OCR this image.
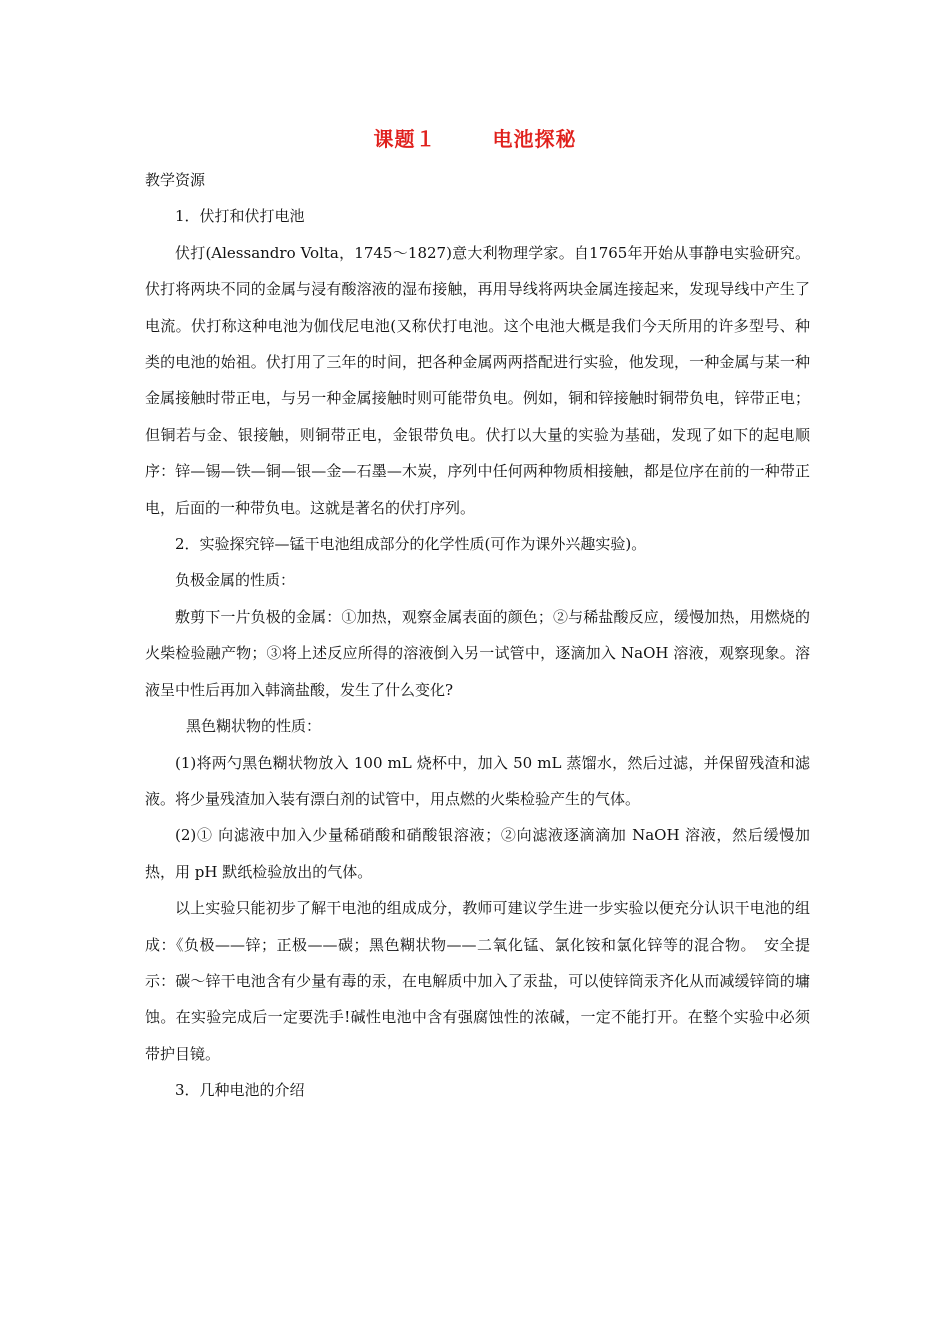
课题１	电池探秘

教学资源

1．伏打和伏打电池

伏打(Alessandro Volta，1745～1827)意大利物理学家。自1765年开始从事静电实验研究。伏打将两块不同的金属与浸有酸溶液的湿布接触，再用导线将两块金属连接起来，发现导线中产生了电流。伏打称这种电池为伽伐尼电池(又称伏打电池。这个电池大概是我们今天所用的许多型号、种类的电池的始祖。伏打用了三年的时间，把各种金属两两搭配进行实验，他发现，一种金属与某一种金属接触时带正电，与另一种金属接触时则可能带负电。例如，铜和锌接触时铜带负电，锌带正电；但铜若与金、银接触，则铜带正电，金银带负电。伏打以大量的实验为基础，发现了如下的起电顺序：锌—锡—铁—铜—银—金—石墨—木炭，序列中任何两种物质相接触，都是位序在前的一种带正电，后面的一种带负电。这就是著名的伏打序列。

2．实验探究锌—锰干电池组成部分的化学性质(可作为课外兴趣实验)。

负极金属的性质：

敷剪下一片负极的金属：①加热，观察金属表面的颜色；②与稀盐酸反应，缓慢加热，用燃烧的火柴检验融产物；③将上述反应所得的溶液倒入另一试管中，逐滴加入 NaOH 溶液，观察现象。溶液呈中性后再加入韩滴盐酸，发生了什么变化?

黑色糊状物的性质：

(1)将两勺黑色糊状物放入 100 mL 烧杯中，加入 50 mL 蒸馏水，然后过滤，并保留残渣和滤液。将少量残渣加入装有漂白剂的试管中，用点燃的火柴检验产生的气体。

(2)① 向滤液中加入少量稀硝酸和硝酸银溶液；②向滤液逐滴滴加 NaOH 溶液，然后缓慢加热，用 pH 默纸检验放出的气体。

以上实验只能初步了解干电池的组成成分，教师可建议学生进一步实验以便充分认识干电池的组成：《负极——锌；正极——碳；黑色糊状物——二氧化锰、氯化铵和氯化锌等的混合物。　安全提示：碳～锌干电池含有少量有毒的汞，在电解质中加入了汞盐，可以使锌筒汞齐化从而减缓锌筒的墉蚀。在实验完成后一定要洗手!碱性电池中含有强腐蚀性的浓碱，一定不能打开。在整个实验中必须带护目镜。

3．几种电池的介绍
